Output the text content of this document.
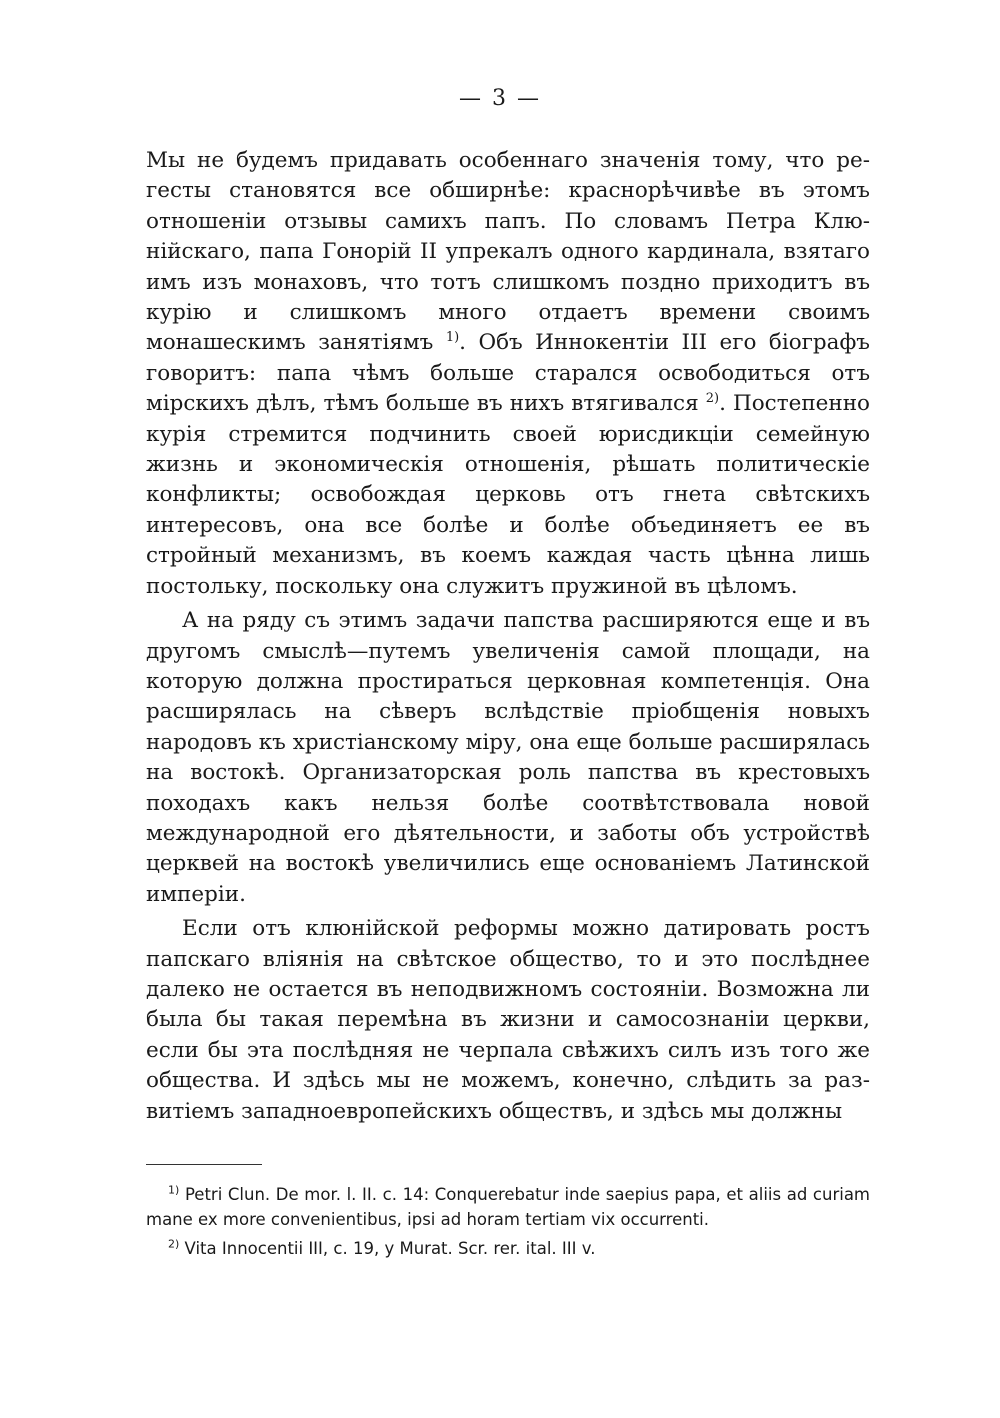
— 3 —

Мы не будемъ придавать особеннаго значенія тому, что регесты становятся все обширнѣе: краснорѣчивѣе въ этомъ отношеніи отзывы самихъ папъ. По словамъ Петра Клюнійскаго, папа Гонорій II упрекалъ одного кардинала, взятаго имъ изъ монаховъ, что тотъ слишкомъ поздно приходитъ въ курію и слишкомъ много отдаетъ времени своимъ монашескимъ занятіямъ $^{1)}$. Объ Иннокентіи III его біографъ говоритъ: папа чѣмъ больше старался освободиться отъ мірскихъ дѣлъ, тѣмъ больше въ нихъ втягивался $^{2)}$. Постепенно курія стремится подчинить своей юрисдикціи семейную жизнь и экономическія отношенія, рѣшать политическіе конфликты; освобождая церковь отъ гнета свѣтскихъ интересовъ, она все болѣе и болѣе объединяетъ ее въ стройный механизмъ, въ коемъ каждая часть цѣнна лишь постольку, поскольку она служитъ пружиной въ цѣломъ.

А на ряду съ этимъ задачи папства расширяются еще и въ другомъ смыслѣ—путемъ увеличенія самой площади, на которую должна простираться церковная компетенція. Она расширялась на сѣверъ вслѣдствіе пріобщенія новыхъ народовъ къ христіанскому міру, она еще больше расширялась на востокѣ. Организаторская роль папства въ крестовыхъ походахъ какъ нельзя болѣе соотвѣтствовала новой международной его дѣятельности, и заботы объ устройствѣ церквей на востокѣ увеличились еще основаніемъ Латинской имперіи.

Если отъ клюнійской реформы можно датировать ростъ папскаго вліянія на свѣтское общество, то и это послѣднее далеко не остается въ неподвижномъ состояніи. Возможна ли была бы такая перемѣна въ жизни и самосознаніи церкви, если бы эта послѣдняя не черпала свѣжихъ силъ изъ того же общества. И здѣсь мы не можемъ, конечно, слѣдить за развитіемъ западноевропейскихъ обществъ, и здѣсь мы должны

$^{1)}$ Petri Clun. De mor. l. II. c. 14: Conquerebatur inde saepius papa, et aliis ad curiam mane ex more convenientibus, ipsi ad horam tertiam vix occurrenti.

$^{2)}$ Vita Innocentii III, c. 19, y Murat. Scr. rer. ital. III v.
